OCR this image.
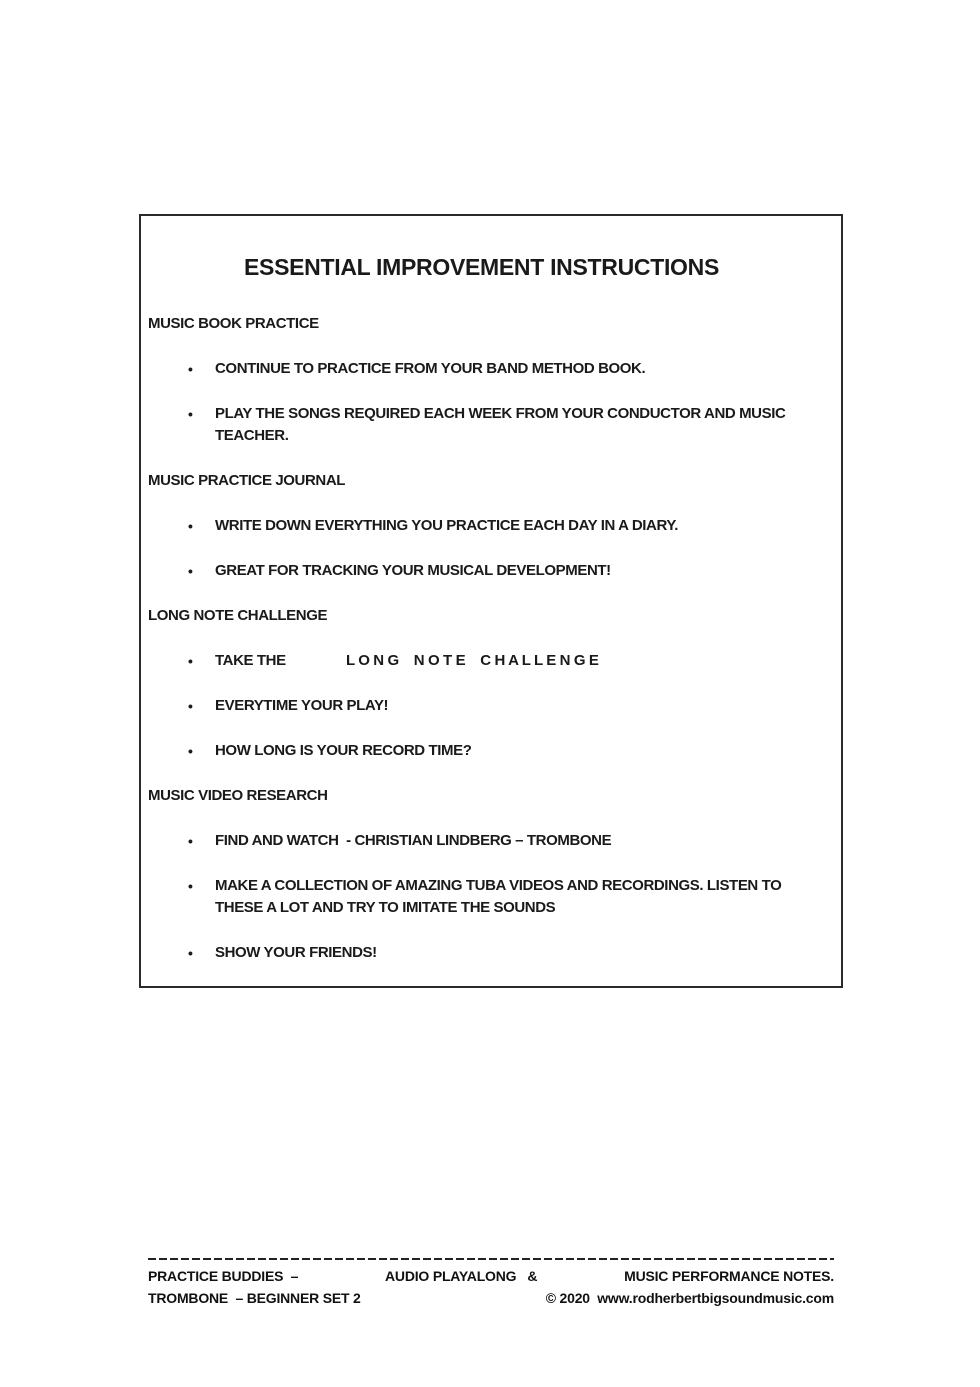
ESSENTIAL IMPROVEMENT INSTRUCTIONS
MUSIC BOOK PRACTICE
•	CONTINUE TO PRACTICE FROM YOUR BAND METHOD BOOK.
•	PLAY THE SONGS REQUIRED EACH WEEK FROM YOUR CONDUCTOR AND MUSIC TEACHER.
MUSIC PRACTICE JOURNAL
•	WRITE DOWN EVERYTHING YOU PRACTICE EACH DAY IN A DIARY.
•	GREAT FOR TRACKING YOUR MUSICAL DEVELOPMENT!
LONG NOTE CHALLENGE
•	TAKE THE                L O N G    N O T E    C H A L L E N G E
•	EVERYTIME YOUR PLAY!
•	HOW LONG IS YOUR RECORD TIME?
MUSIC VIDEO RESEARCH
•	FIND AND WATCH  - CHRISTIAN LINDBERG – TROMBONE
•	MAKE A COLLECTION OF AMAZING TUBA VIDEOS AND RECORDINGS. LISTEN TO THESE A LOT AND TRY TO IMITATE THE SOUNDS
•	SHOW YOUR FRIENDS!
PRACTICE BUDDIES  –	AUDIO PLAYALONG   &	MUSIC PERFORMANCE NOTES.
TROMBONE  – BEGINNER SET 2	© 2020  www.rodherbertbigsoundmusic.com
